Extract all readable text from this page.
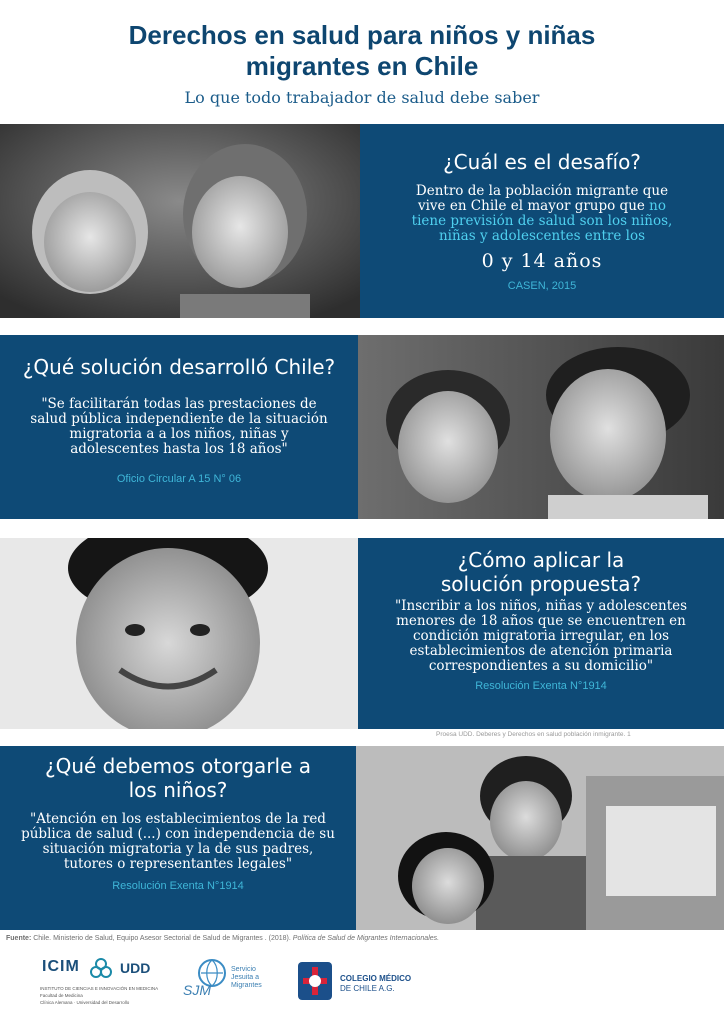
Derechos en salud para niños y niñas
migrantes en Chile
Lo que todo trabajador de salud debe saber
¿Cuál es el desafío?
Dentro de la población migrante que vive en Chile el mayor grupo que no tiene previsión de salud son los niños, niñas y adolescentes entre los
0 y 14 años
CASEN, 2015
¿Qué solución desarrolló Chile?
"Se facilitarán todas las prestaciones de salud pública independiente de la situación migratoria a a los niños, niñas y adolescentes hasta los 18 años"
Oficio Circular A 15 N° 06
¿Cómo aplicar la solución propuesta?
"Inscribir a los niños, niñas y adolescentes menores de 18 años que se encuentren en condición migratoria irregular, en los establecimientos de atención primaria correspondientes a su domicilio"
Resolución Exenta N°1914
Proesa UDD. Deberes y Derechos en salud población inmigrante. 1
¿Qué debemos otorgarle a los niños?
"Atención en los establecimientos de la red pública de salud (...) con independencia de su situación migratoria y la de sus padres, tutores o representantes legales"
Resolución Exenta N°1914
Fuente: Chile. Ministerio de Salud, Equipo Asesor Sectorial de Salud de Migrantes . (2018). Política de Salud de Migrantes Internacionales.
ICIM	UDD
INSTITUTO DE CIENCIAS E INNOVACIÓN EN MEDICINA
Facultad de Medicina
Clínica Alemana · Universidad del Desarrollo
SJM
Servicio Jesuita a Migrantes
COLEGIO MÉDICO
DE CHILE A.G.
